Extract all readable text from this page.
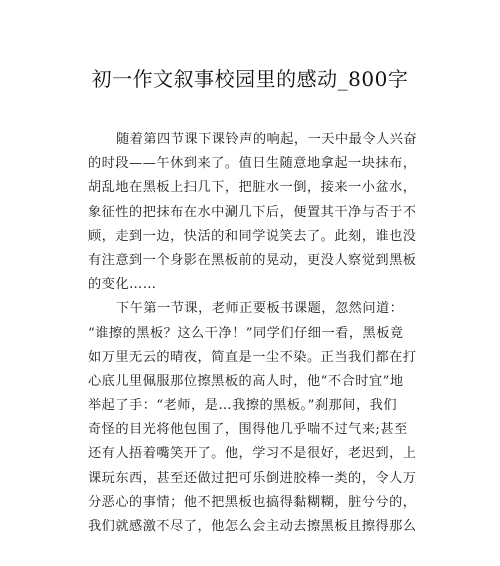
初一作文叙事校园里的感动_800字
随着第四节课下课铃声的响起，一天中最令人兴奋
的时段——午休到来了。值日生随意地拿起一块抹布，
胡乱地在黑板上扫几下，把脏水一倒，接来一小盆水，
象征性的把抹布在水中涮几下后，便置其干净与否于不
顾，走到一边，快活的和同学说笑去了。此刻，谁也没
有注意到一个身影在黑板前的晃动，更没人察觉到黑板
的变化……
下午第一节课，老师正要板书课题，忽然问道：
“谁擦的黑板？这么干净！”同学们仔细一看，黑板竟
如万里无云的晴夜，简直是一尘不染。正当我们都在打
心底儿里佩服那位擦黑板的高人时，他“不合时宜”地
举起了手：“老师，是…我擦的黑板。”刹那间，我们
奇怪的目光将他包围了，围得他几乎喘不过气来;甚至
还有人捂着嘴笑开了。他，学习不是很好，老迟到，上
课玩东西，甚至还做过把可乐倒进胶棒一类的，令人万
分恶心的事情；他不把黑板也搞得黏糊糊，脏兮兮的，
我们就感激不尽了，他怎么会主动去擦黑板且擦得那么
